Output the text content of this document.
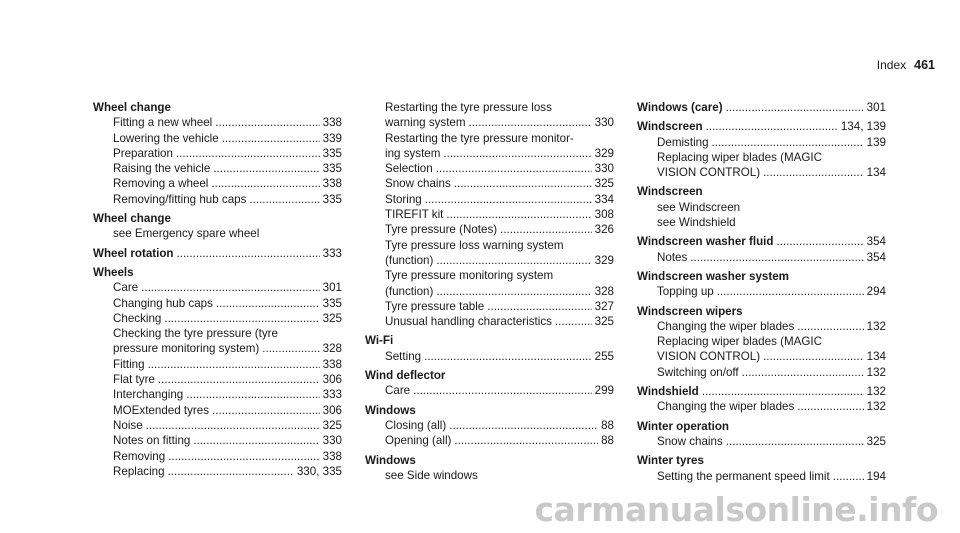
Index 461
Wheel change
Fitting a new wheel .....	338
Lowering the vehicle .....	339
Preparation .....	335
Raising the vehicle .....	335
Removing a wheel .....	338
Removing/fitting hub caps .....	335
Wheel change
see Emergency spare wheel
Wheel rotation .....	333
Wheels
Care .....	301
Changing hub caps .....	335
Checking .....	325
Checking the tyre pressure (tyre
pressure monitoring system) .....	328
Fitting .....	338
Flat tyre .....	306
Interchanging .....	333
MOExtended tyres .....	306
Noise .....	325
Notes on fitting .....	330
Removing .....	338
Replacing .....	330, 335
Restarting the tyre pressure loss
warning system .....	330
Restarting the tyre pressure monitor-
ing system .....	329
Selection .....	330
Snow chains .....	325
Storing .....	334
TIREFIT kit .....	308
Tyre pressure (Notes) .....	326
Tyre pressure loss warning system
(function) .....	329
Tyre pressure monitoring system
(function) .....	328
Tyre pressure table .....	327
Unusual handling characteristics .....	325
Wi-Fi
Setting .....	255
Wind deflector
Care .....	299
Windows
Closing (all) .....	88
Opening (all) .....	88
Windows
see Side windows
Windows (care) .....	301
Windscreen .....	134, 139
Demisting .....	139
Replacing wiper blades (MAGIC
VISION CONTROL) .....	134
Windscreen
see Windscreen
see Windshield
Windscreen washer fluid .....	354
Notes .....	354
Windscreen washer system
Topping up .....	294
Windscreen wipers
Changing the wiper blades .....	132
Replacing wiper blades (MAGIC
VISION CONTROL) .....	134
Switching on/off .....	132
Windshield .....	132
Changing the wiper blades .....	132
Winter operation
Snow chains .....	325
Winter tyres
Setting the permanent speed limit .....	194
carmanualsonline.info
